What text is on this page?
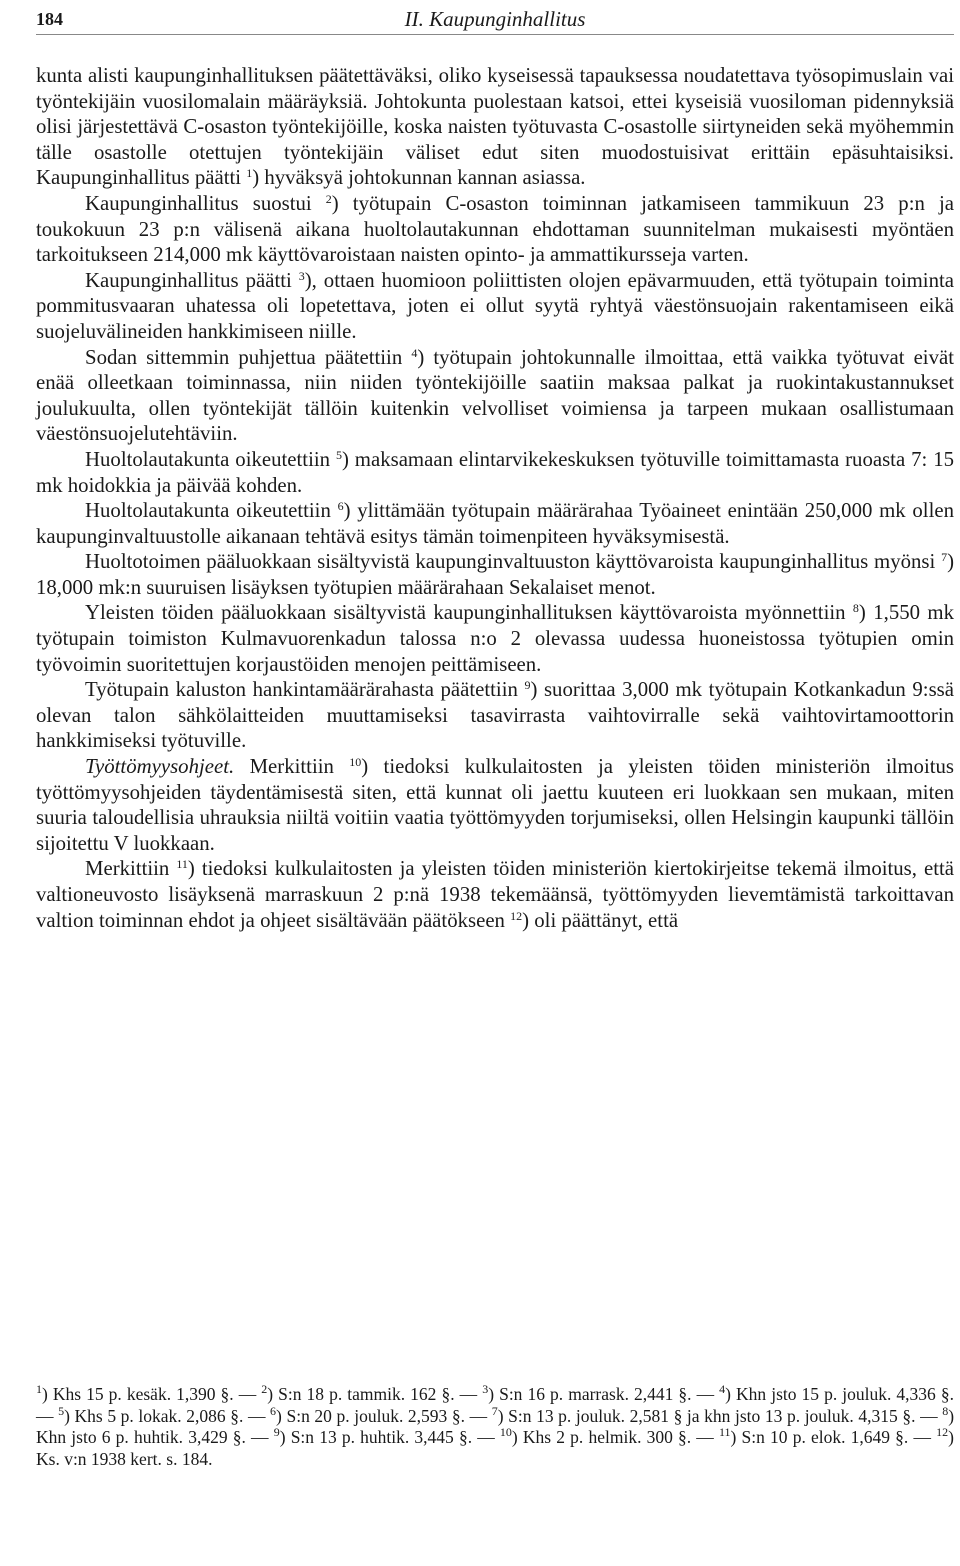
184	II. Kaupunginhallitus

kunta alisti kaupunginhallituksen päätettäväksi, oliko kyseisessä tapauksessa noudatettava työsopimuslain vai työntekijäin vuosilomalain määräyksiä. Johtokunta puolestaan katsoi, ettei kyseisiä vuosiloman pidennyksiä olisi järjestettävä C-osaston työntekijöille, koska naisten työtuvasta C-osastolle siirtyneiden sekä myöhemmin tälle osastolle otettujen työntekijäin väliset edut siten muodostuisivat erittäin epäsuhtaisiksi. Kaupunginhallitus päätti $^1$) hyväksyä johtokunnan kannan asiassa.

Kaupunginhallitus suostui $^2$) työtupain C-osaston toiminnan jatkamiseen tammikuun 23 p:n ja toukokuun 23 p:n välisenä aikana huoltolautakunnan ehdottaman suunnitelman mukaisesti myöntäen tarkoitukseen 214,000 mk käyttövaroistaan naisten opinto- ja ammattikursseja varten.

Kaupunginhallitus päätti $^3$), ottaen huomioon poliittisten olojen epävarmuuden, että työtupain toiminta pommitusvaaran uhatessa oli lopetettava, joten ei ollut syytä ryhtyä väestönsuojain rakentamiseen eikä suojeluvälineiden hankkimiseen niille.

Sodan sittemmin puhjettua päätettiin $^4$) työtupain johtokunnalle ilmoittaa, että vaikka työtuvat eivät enää olleetkaan toiminnassa, niin niiden työntekijöille saatiin maksaa palkat ja ruokintakustannukset joulukuulta, ollen työntekijät tällöin kuitenkin velvolliset voimiensa ja tarpeen mukaan osallistumaan väestönsuojelutehtäviin.

Huoltolautakunta oikeutettiin $^5$) maksamaan elintarvikekeskuksen työtuville toimittamasta ruoasta 7: 15 mk hoidokkia ja päivää kohden.

Huoltolautakunta oikeutettiin $^6$) ylittämään työtupain määrärahaa Työaineet enintään 250,000 mk ollen kaupunginvaltuustolle aikanaan tehtävä esitys tämän toimenpiteen hyväksymisestä.

Huoltotoimen pääluokkaan sisältyvistä kaupunginvaltuuston käyttövaroista kaupunginhallitus myönsi $^7$) 18,000 mk:n suuruisen lisäyksen työtupien määrärahaan Sekalaiset menot.

Yleisten töiden pääluokkaan sisältyvistä kaupunginhallituksen käyttövaroista myönnettiin $^8$) 1,550 mk työtupain toimiston Kulmavuorenkadun talossa n:o 2 olevassa uudessa huoneistossa työtupien omin työvoimin suoritettujen korjaustöiden menojen peittämiseen.

Työtupain kaluston hankintamäärärahasta päätettiin $^9$) suorittaa 3,000 mk työtupain Kotkankadun 9:ssä olevan talon sähkölaitteiden muuttamiseksi tasavirrasta vaihtovirralle sekä vaihtovirtamoottorin hankkimiseksi työtuville.

Työttömyysohjeet. Merkittiin $^{10}$) tiedoksi kulkulaitosten ja yleisten töiden ministeriön ilmoitus työttömyysohjeiden täydentämisestä siten, että kunnat oli jaettu kuuteen eri luokkaan sen mukaan, miten suuria taloudellisia uhrauksia niiltä voitiin vaatia työttömyyden torjumiseksi, ollen Helsingin kaupunki tällöin sijoitettu V luokkaan.

Merkittiin $^{11}$) tiedoksi kulkulaitosten ja yleisten töiden ministeriön kiertokirjeitse tekemä ilmoitus, että valtioneuvosto lisäyksenä marraskuun 2 p:nä 1938 tekemäänsä, työttömyyden lievemtämistä tarkoittavan valtion toiminnan ehdot ja ohjeet sisältävään päätökseen $^{12}$) oli päättänyt, että

$^1$) Khs 15 p. kesäk. 1,390 §. — $^2$) S:n 18 p. tammik. 162 §. — $^3$) S:n 16 p. marrask. 2,441 §. — $^4$) Khn jsto 15 p. jouluk. 4,336 §. — $^5$) Khs 5 p. lokak. 2,086 §. — $^6$) S:n 20 p. jouluk. 2,593 §. — $^7$) S:n 13 p. jouluk. 2,581 § ja khn jsto 13 p. jouluk. 4,315 §. — $^8$) Khn jsto 6 p. huhtik. 3,429 §. — $^9$) S:n 13 p. huhtik. 3,445 §. — $^{10}$) Khs 2 p. helmik. 300 §. — $^{11}$) S:n 10 p. elok. 1,649 §. — $^{12}$) Ks. v:n 1938 kert. s. 184.
